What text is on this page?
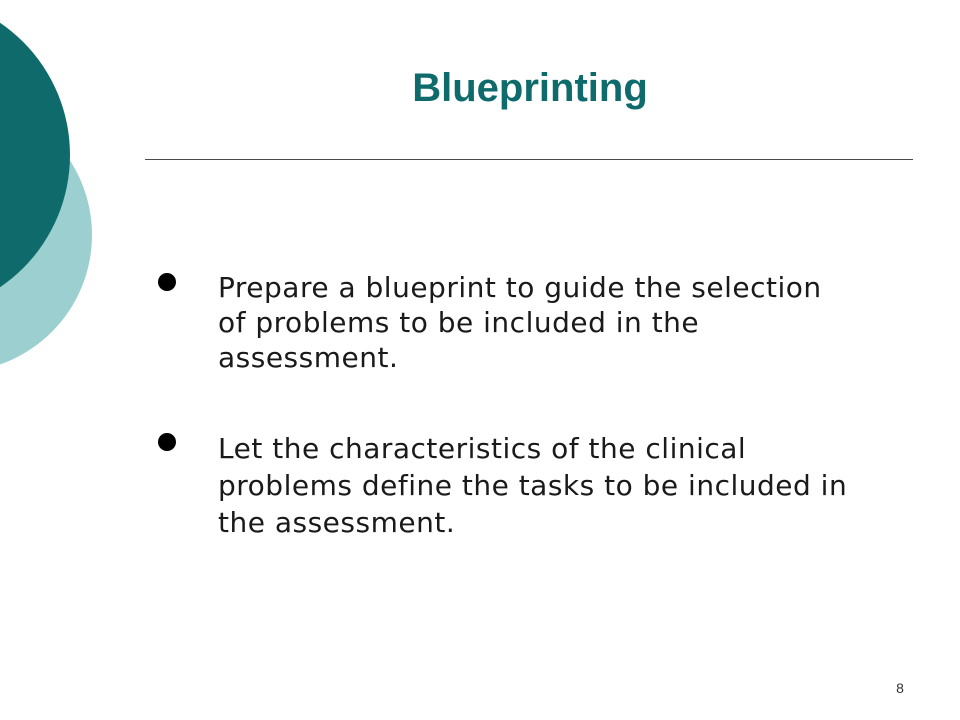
Blueprinting
Prepare a blueprint to guide the selection of problems to be included in the assessment.
Let the characteristics of the clinical problems define the tasks to be included in the assessment.
8
